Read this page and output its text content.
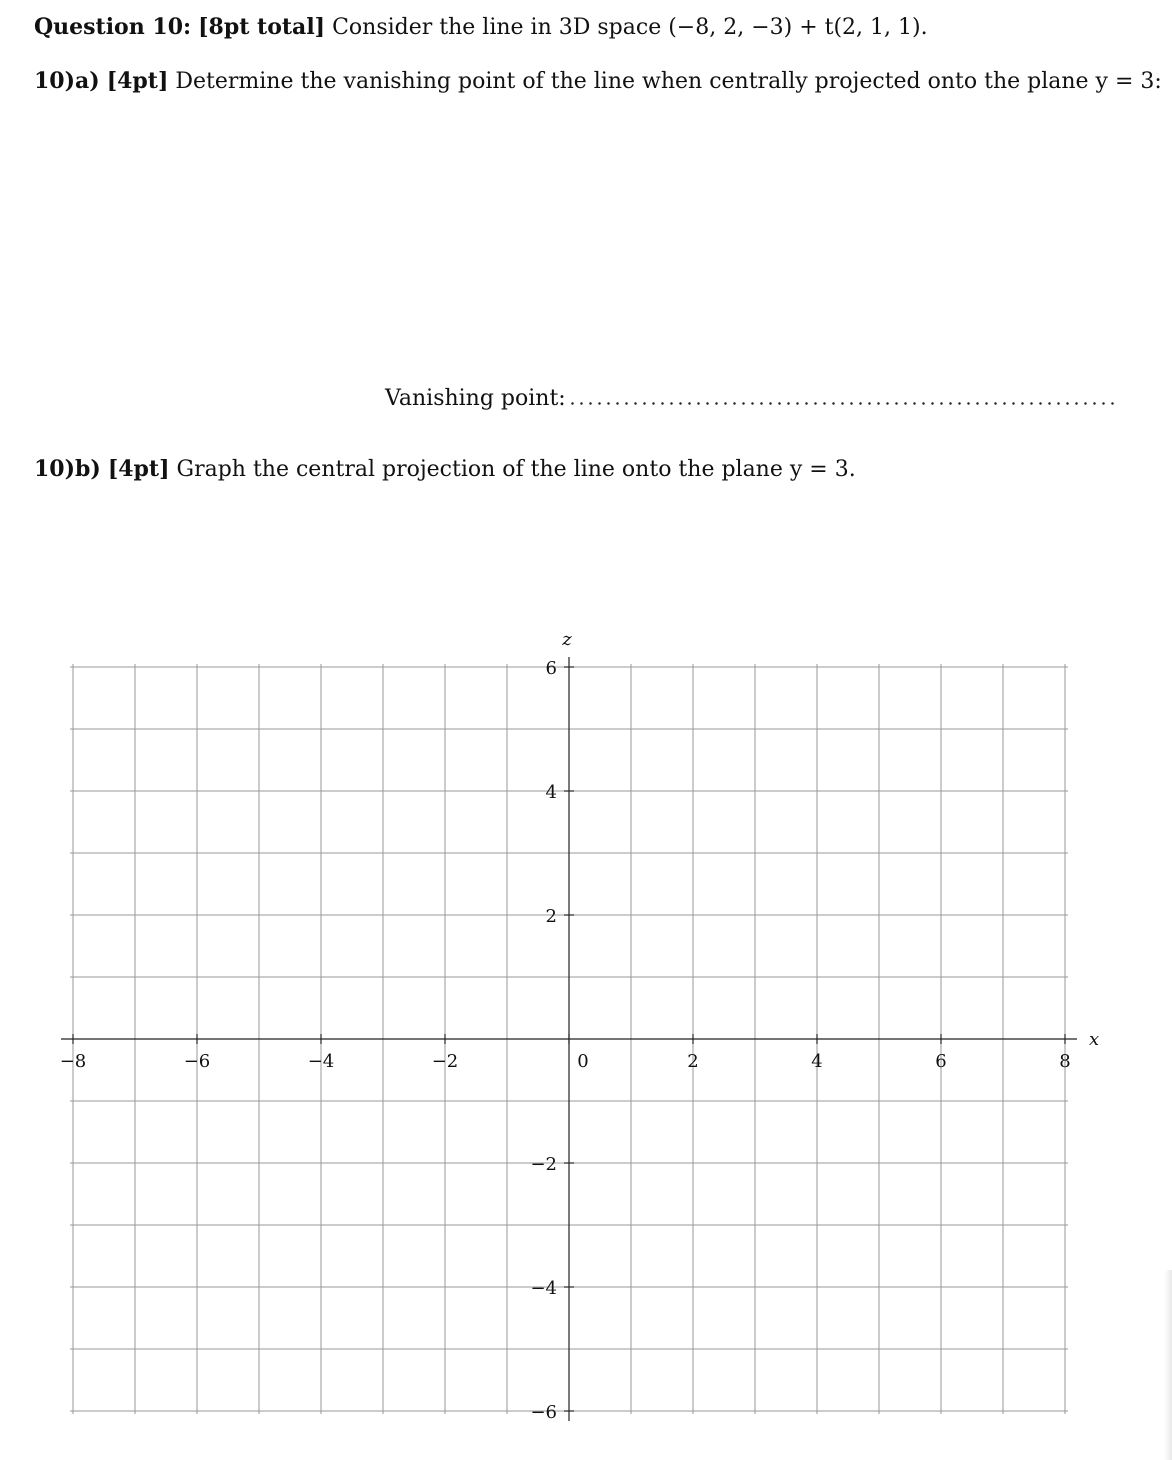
Question 10: [8pt total] Consider the line in 3D space (−8, 2, −3) + t(2, 1, 1).
10)a) [4pt] Determine the vanishing point of the line when centrally projected onto the plane y = 3:
Vanishing point:
10)b) [4pt] Graph the central projection of the line onto the plane y = 3.
−8	−6	−4	−2	0	2	4	6	8
6
4
2
−2
−4
−6
x
z
